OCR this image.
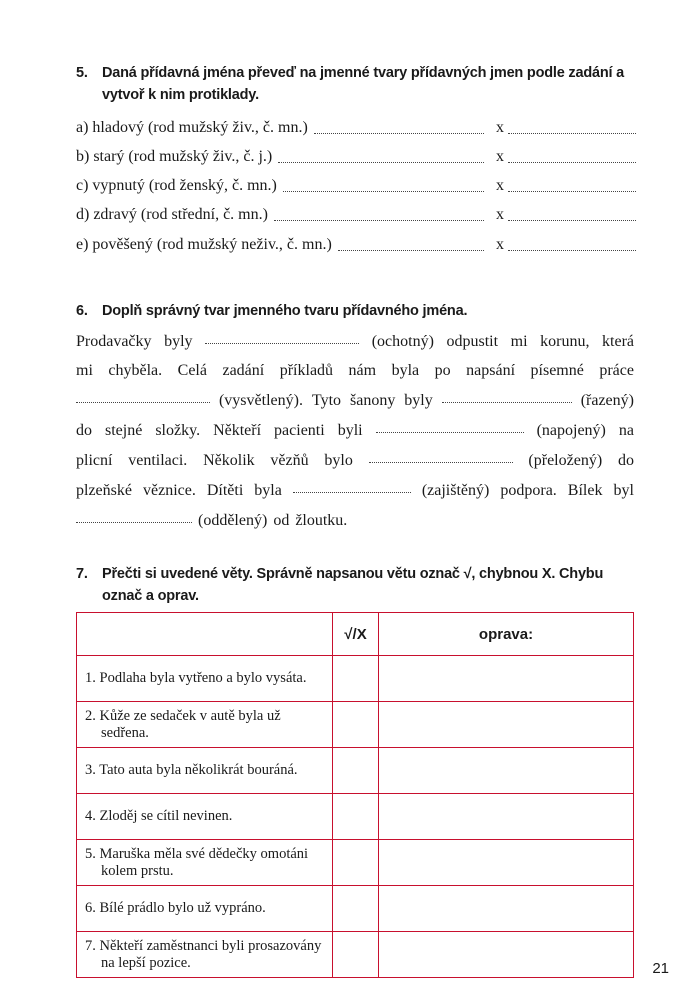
5. Daná přídavná jména převeď na jmenné tvary přídavných jmen podle zadání a vytvoř k nim protiklady.
a) hladový (rod mužský živ., č. mn.)	x
b) starý (rod mužský živ., č. j.)	x
c) vypnutý (rod ženský, č. mn.)	x
d) zdravý (rod střední, č. mn.)	x
e) pověšený (rod mužský neživ., č. mn.)	x
6. Doplň správný tvar jmenného tvaru přídavného jména.
Prodavačky byly	(ochotný) odpustit mi korunu, která
mi chyběla. Celá zadání příkladů nám byla po napsání písemné práce
(vysvětlený). Tyto šanony byly	(řazený)
do stejné složky. Někteří pacienti byli	(napojený) na
plicní ventilaci. Několik vězňů bylo	(přeložený) do
plzeňské věznice. Dítěti byla	(zajištěný) podpora. Bílek byl
(oddělený) od žloutku.
7. Přečti si uvedené věty. Správně napsanou větu označ √, chybnou X. Chybu označ a oprav.
	√/X	oprava:

1. Podlaha byla vytřeno a bylo vysáta.		

2. Kůže ze sedaček v autě byla už sedřena.		

3. Tato auta byla několikrát bouráná.		

4. Zloděj se cítil nevinen.		

5. Maruška měla své dědečky omotáni kolem prstu.		

6. Bílé prádlo bylo už vypráno.		

7. Někteří zaměstnanci byli prosazovány na lepší pozice.		
			21
